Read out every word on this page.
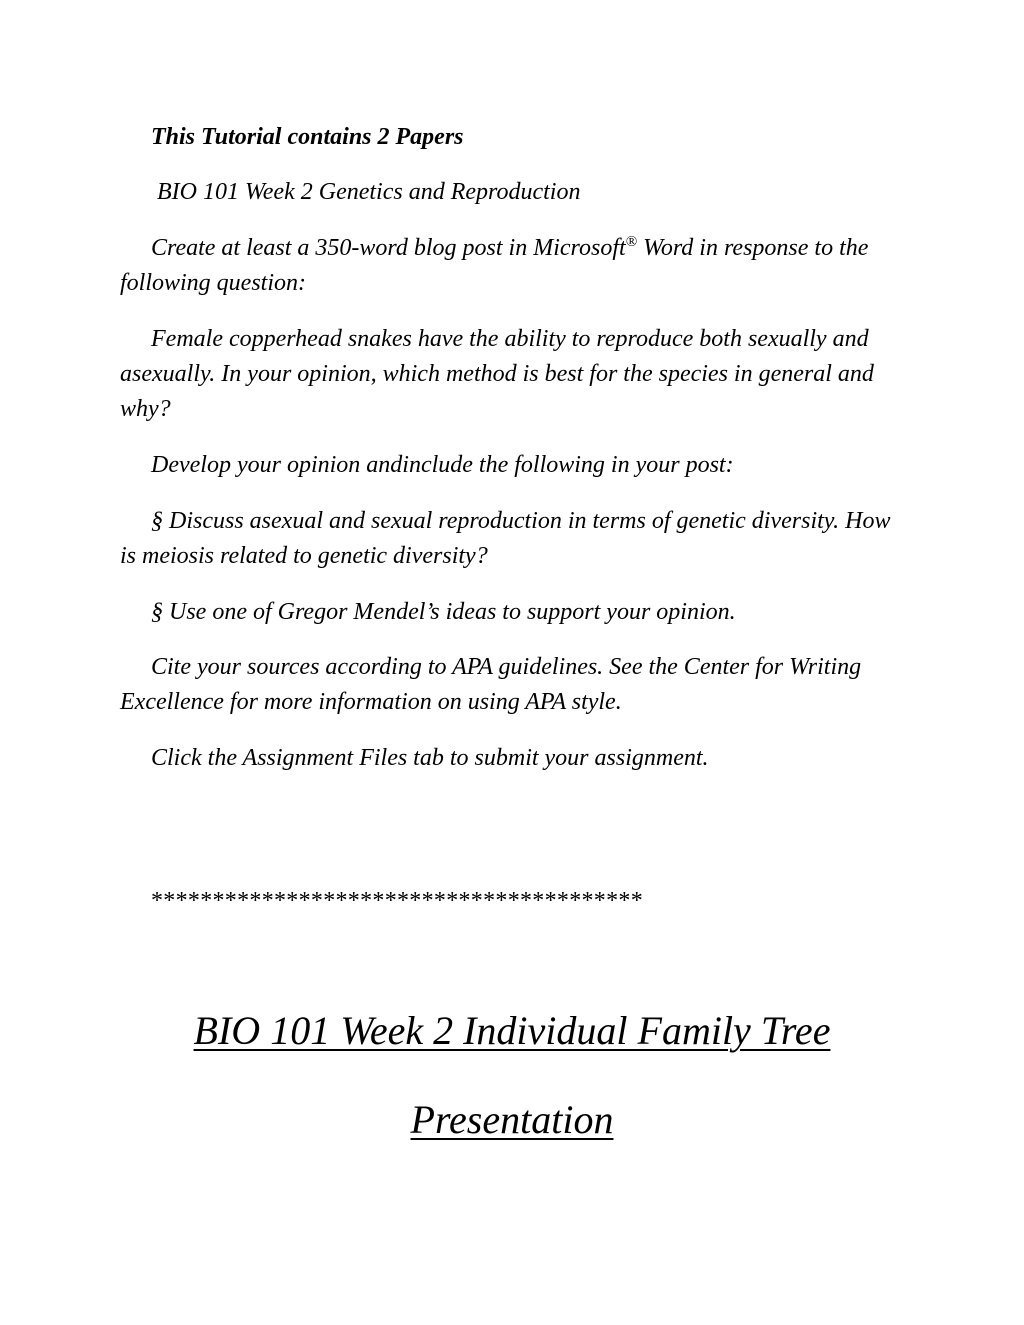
This Tutorial contains 2 Papers

BIO 101 Week 2 Genetics and Reproduction

Create at least a 350-word blog post in Microsoft® Word in response to the following question:

Female copperhead snakes have the ability to reproduce both sexually and asexually. In your opinion, which method is best for the species in general and why?

Develop your opinion andinclude the following in your post:

§ Discuss asexual and sexual reproduction in terms of genetic diversity. How is meiosis related to genetic diversity?

§ Use one of Gregor Mendel’s ideas to support your opinion.

Cite your sources according to APA guidelines. See the Center for Writing Excellence for more information on using APA style.

Click the Assignment Files tab to submit your assignment.

****************************************

BIO 101 Week 2 Individual Family Tree
Presentation
